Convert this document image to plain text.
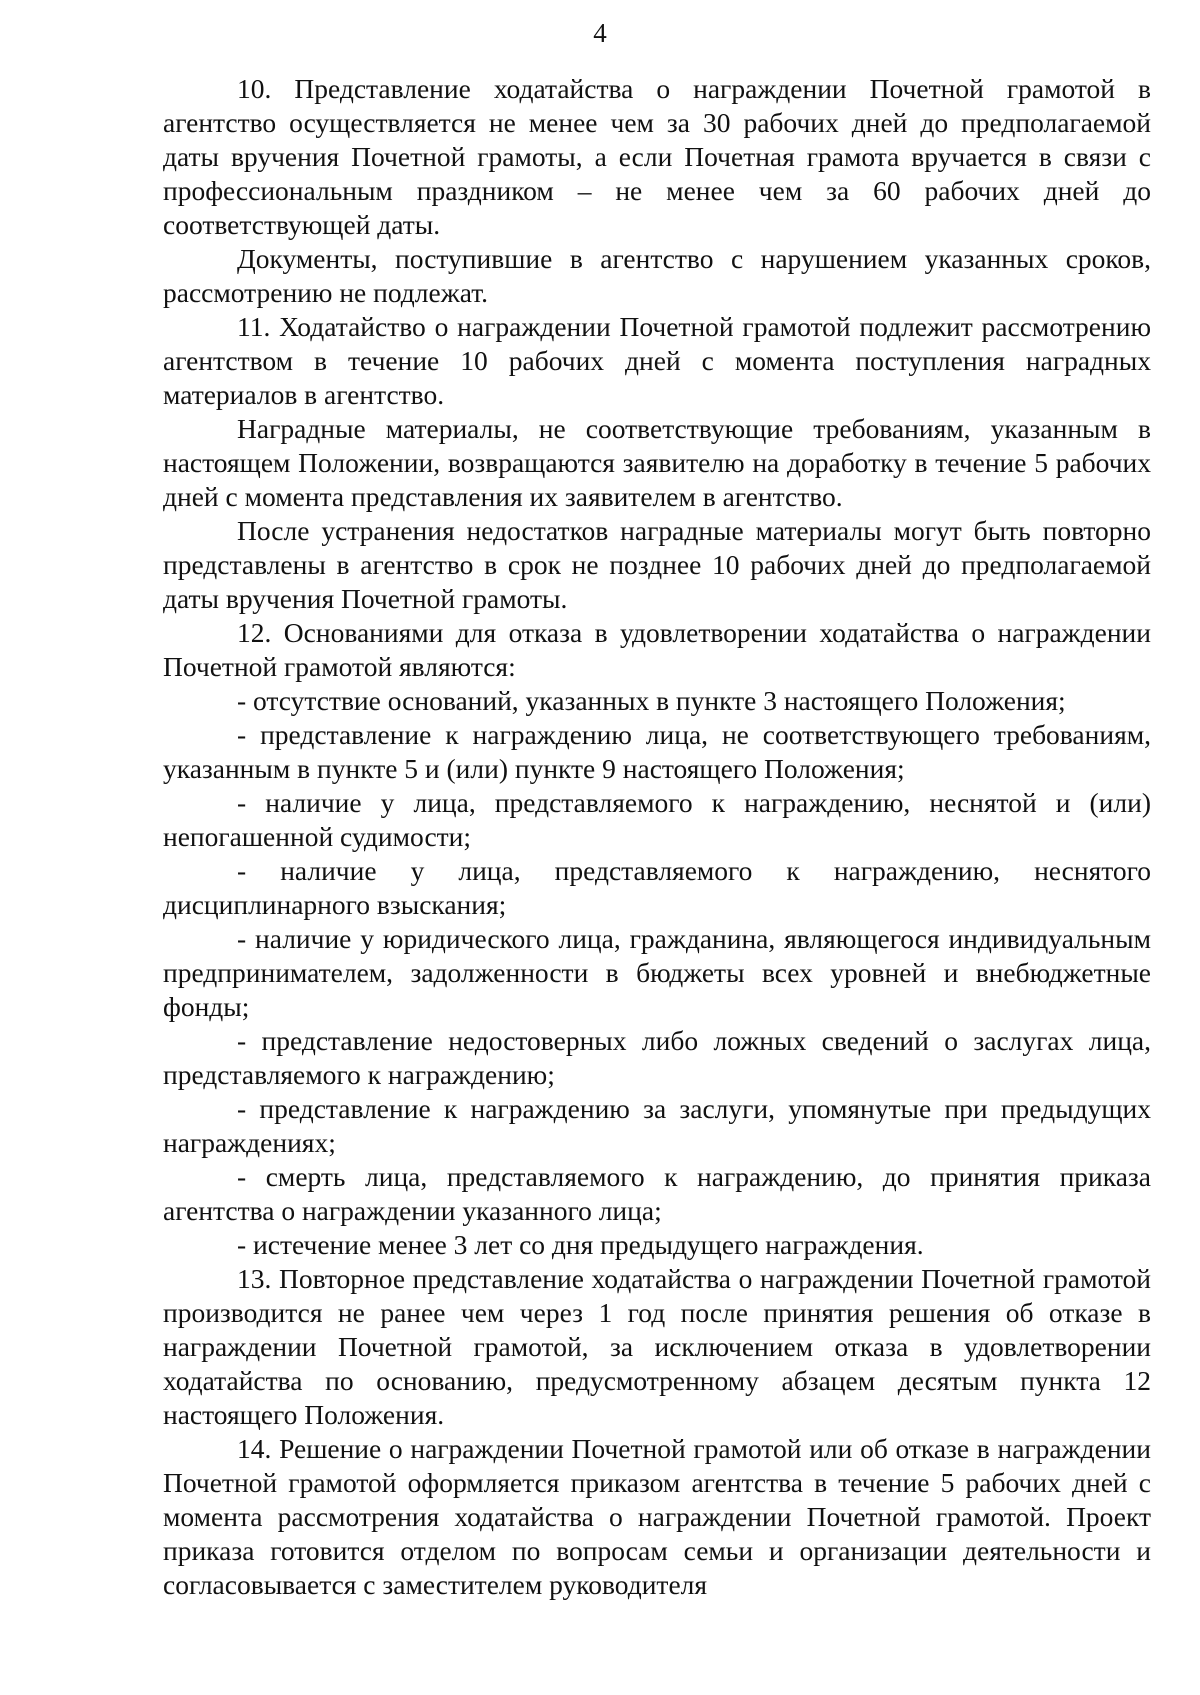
4

10. Представление ходатайства о награждении Почетной грамотой в агентство осуществляется не менее чем за 30 рабочих дней до предполагаемой даты вручения Почетной грамоты, а если Почетная грамота вручается в связи с профессиональным праздником – не менее чем за 60 рабочих дней до соответствующей даты.

Документы, поступившие в агентство с нарушением указанных сроков, рассмотрению не подлежат.

11. Ходатайство о награждении Почетной грамотой подлежит рассмотрению агентством в течение 10 рабочих дней с момента поступления наградных материалов в агентство.

Наградные материалы, не соответствующие требованиям, указанным в настоящем Положении, возвращаются заявителю на доработку в течение 5 рабочих дней с момента представления их заявителем в агентство.

После устранения недостатков наградные материалы могут быть повторно представлены в агентство в срок не позднее 10 рабочих дней до предполагаемой даты вручения Почетной грамоты.

12. Основаниями для отказа в удовлетворении ходатайства о награждении Почетной грамотой являются:

- отсутствие оснований, указанных в пункте 3 настоящего Положения;

- представление к награждению лица, не соответствующего требованиям, указанным в пункте 5 и (или) пункте 9 настоящего Положения;

- наличие у лица, представляемого к награждению, неснятой и (или) непогашенной судимости;

- наличие у лица, представляемого к награждению, неснятого дисциплинарного взыскания;

- наличие у юридического лица, гражданина, являющегося индивидуальным предпринимателем, задолженности в бюджеты всех уровней и внебюджетные фонды;

- представление недостоверных либо ложных сведений о заслугах лица, представляемого к награждению;

- представление к награждению за заслуги, упомянутые при предыдущих награждениях;

- смерть лица, представляемого к награждению, до принятия приказа агентства о награждении указанного лица;

- истечение менее 3 лет со дня предыдущего награждения.

13. Повторное представление ходатайства о награждении Почетной грамотой производится не ранее чем через 1 год после принятия решения об отказе в награждении Почетной грамотой, за исключением отказа в удовлетворении ходатайства по основанию, предусмотренному абзацем десятым пункта 12 настоящего Положения.

14. Решение о награждении Почетной грамотой или об отказе в награждении Почетной грамотой оформляется приказом агентства в течение 5 рабочих дней с момента рассмотрения ходатайства о награждении Почетной грамотой. Проект приказа готовится отделом по вопросам семьи и организации деятельности и согласовывается с заместителем руководителя
